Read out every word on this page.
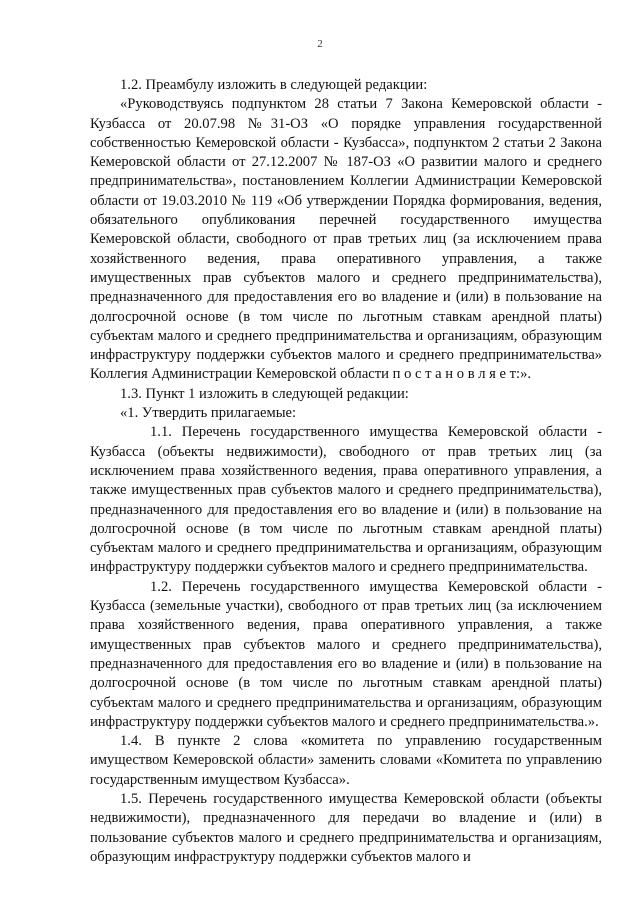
2

1.2. Преамбулу изложить в следующей редакции:

«Руководствуясь подпунктом 28 статьи 7 Закона Кемеровской области - Кузбасса от 20.07.98 №31-ОЗ «О порядке управления государственной собственностью Кемеровской области - Кузбасса», подпунктом 2 статьи 2 Закона Кемеровской области от 27.12.2007 № 187-ОЗ «О развитии малого и среднего предпринимательства», постановлением Коллегии Администрации Кемеровской области от 19.03.2010 № 119 «Об утверждении Порядка формирования, ведения, обязательного опубликования перечней государственного имущества Кемеровской области, свободного от прав третьих лиц (за исключением права хозяйственного ведения, права оперативного управления, а также имущественных прав субъектов малого и среднего предпринимательства), предназначенного для предоставления его во владение и (или) в пользование на долгосрочной основе (в том числе по льготным ставкам арендной платы) субъектам малого и среднего предпринимательства и организациям, образующим инфраструктуру поддержки субъектов малого и среднего предпринимательства» Коллегия Администрации Кемеровской области п о с т а н о в л я е т:».

1.3. Пункт 1 изложить в следующей редакции:

«1. Утвердить прилагаемые:

1.1. Перечень государственного имущества Кемеровской области - Кузбасса (объекты недвижимости), свободного от прав третьих лиц (за исключением права хозяйственного ведения, права оперативного управления, а также имущественных прав субъектов малого и среднего предпринимательства), предназначенного для предоставления его во владение и (или) в пользование на долгосрочной основе (в том числе по льготным ставкам арендной платы) субъектам малого и среднего предпринимательства и организациям, образующим инфраструктуру поддержки субъектов малого и среднего предпринимательства.

1.2. Перечень государственного имущества Кемеровской области - Кузбасса (земельные участки), свободного от прав третьих лиц (за исключением права хозяйственного ведения, права оперативного управления, а также имущественных прав субъектов малого и среднего предпринимательства), предназначенного для предоставления его во владение и (или) в пользование на долгосрочной основе (в том числе по льготным ставкам арендной платы) субъектам малого и среднего предпринимательства и организациям, образующим инфраструктуру поддержки субъектов малого и среднего предпринимательства.».

1.4. В пункте 2 слова «комитета по управлению государственным имуществом Кемеровской области» заменить словами «Комитета по управлению государственным имуществом Кузбасса».

1.5. Перечень государственного имущества Кемеровской области (объекты недвижимости), предназначенного для передачи во владение и (или) в пользование субъектов малого и среднего предпринимательства и организациям, образующим инфраструктуру поддержки субъектов малого и
